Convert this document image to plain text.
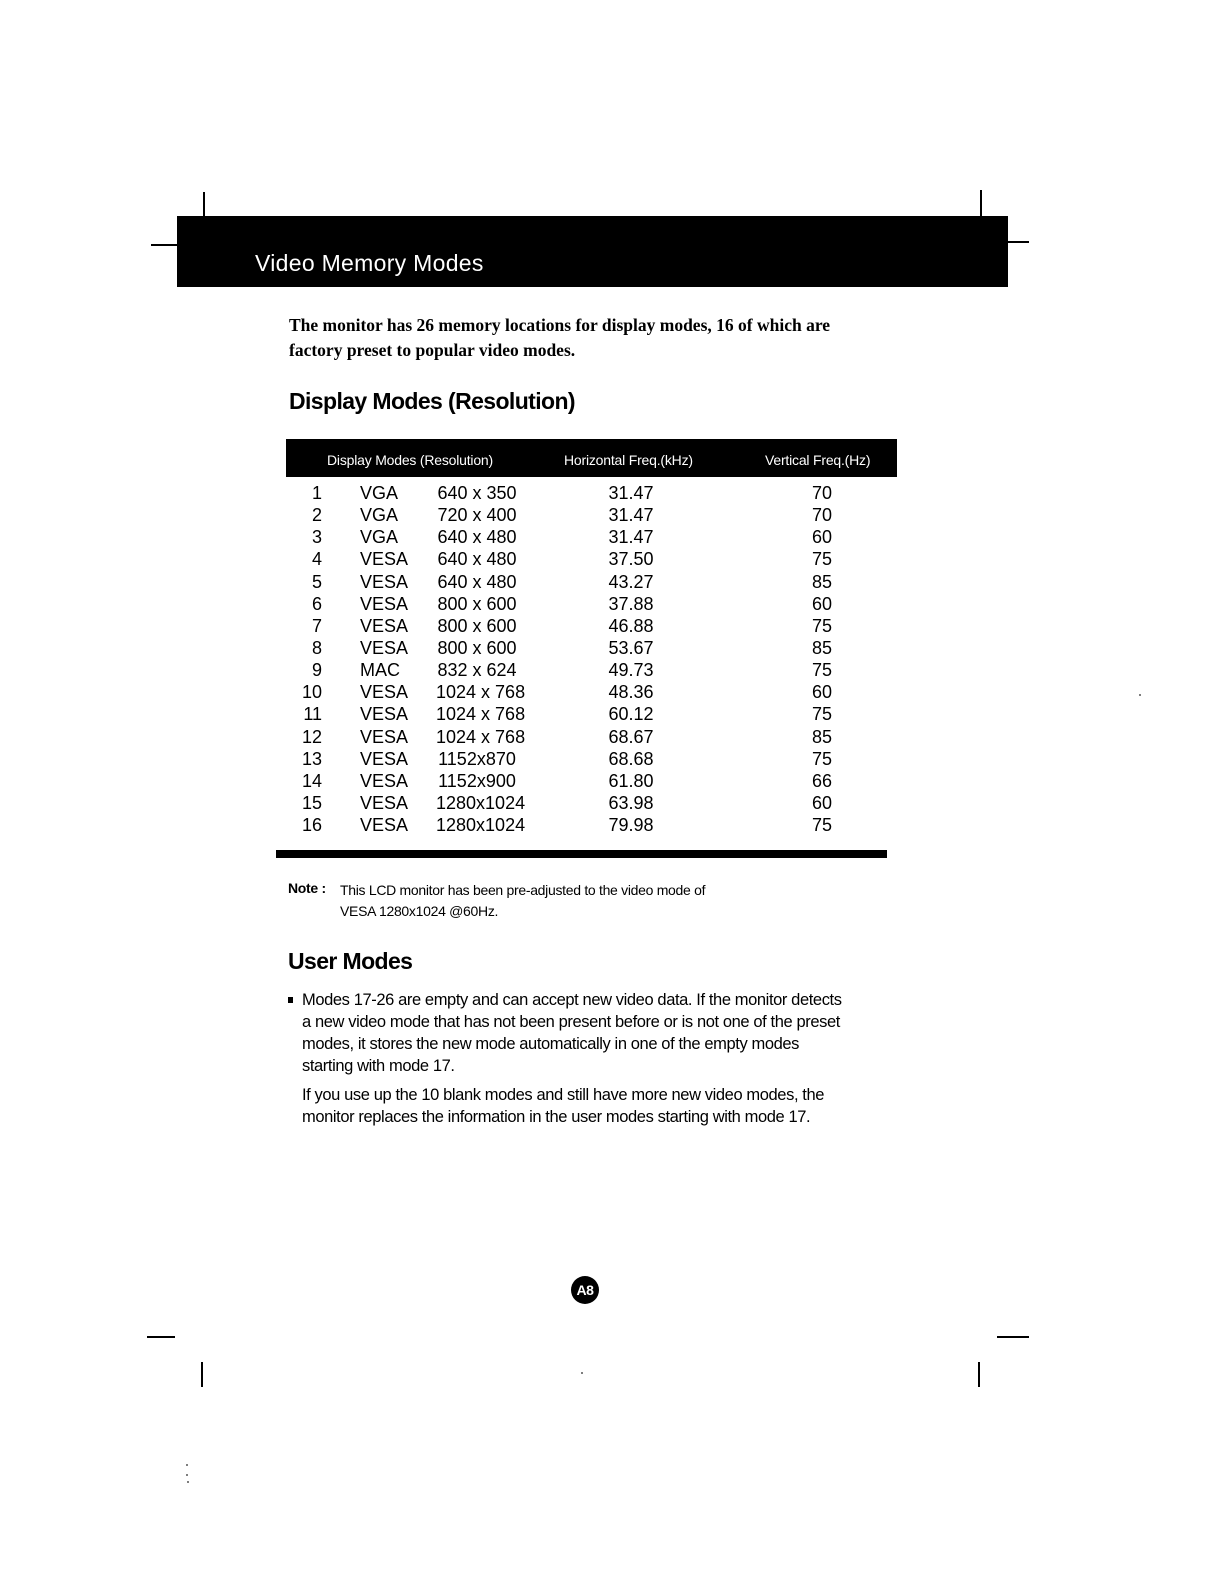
Video Memory Modes
The monitor has 26 memory locations for display modes, 16 of which are
factory preset to popular video modes.
Display Modes (Resolution)
Display Modes (Resolution)	Horizontal Freq.(kHz)	Vertical Freq.(Hz)
1 VGA 640 x 350	31.47	70
2 VGA 720 x 400	31.47	70
3 VGA 640 x 480	31.47	60
4 VESA 640 x 480	37.50	75
5 VESA 640 x 480	43.27	85
6 VESA 800 x 600	37.88	60
7 VESA 800 x 600	46.88	75
8 VESA 800 x 600	53.67	85
9 MAC 832 x 624	49.73	75
10 VESA 1024 x 768	48.36	60
11 VESA 1024 x 768	60.12	75
12 VESA 1024 x 768	68.67	85
13 VESA 1152x870	68.68	75
14 VESA 1152x900	61.80	66
15 VESA 1280x1024	63.98	60
16 VESA 1280x1024	79.98	75
Note : This LCD monitor has been pre-adjusted to the video mode of
VESA 1280x1024 @60Hz.
User Modes
Modes 17-26 are empty and can accept new video data. If the monitor detects
a new video mode that has not been present before or is not one of the preset
modes, it stores the new mode automatically in one of the empty modes
starting with mode 17.
If you use up the 10 blank modes and still have more new video modes, the
monitor replaces the information in the user modes starting with mode 17.
A8
